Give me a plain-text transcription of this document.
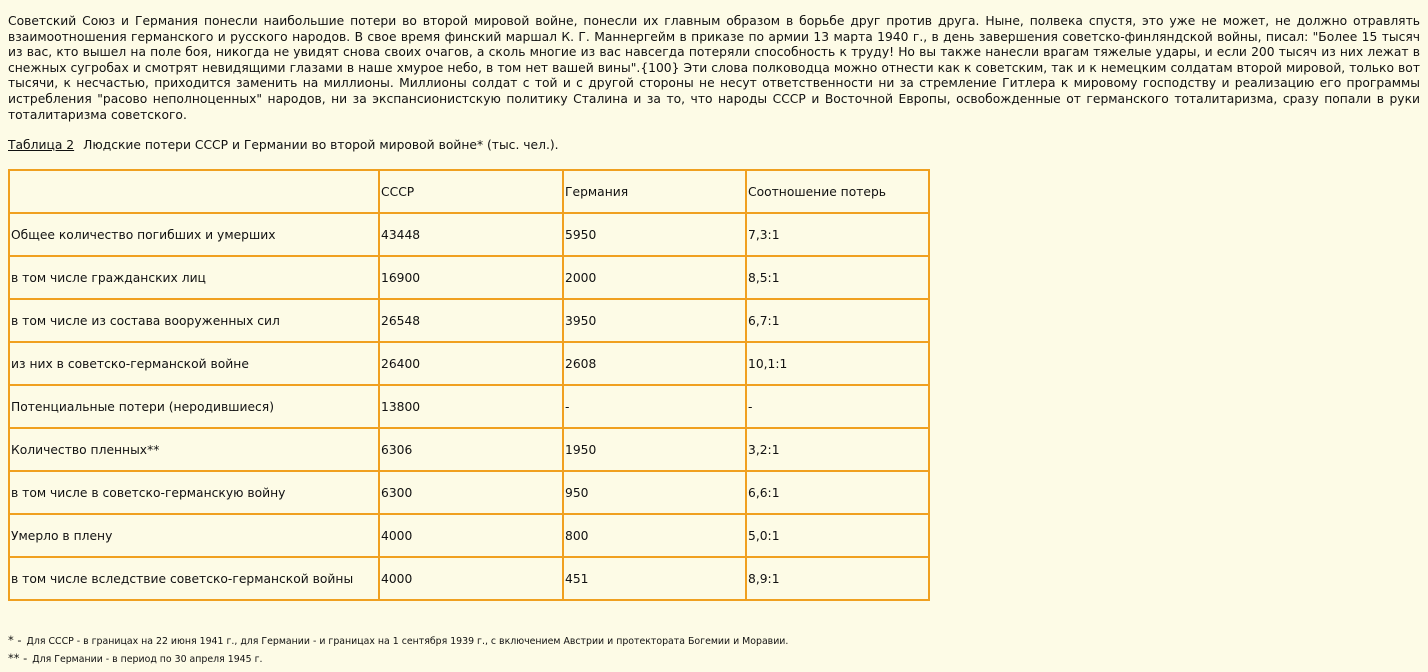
Советский Союз и Германия понесли наибольшие потери во второй мировой войне, понесли их главным образом в борьбе друг против друга. Ныне, полвека спустя, это уже не может, не должно отравлять взаимоотношения германского и русского народов. В свое время финский маршал К. Г. Маннергейм в приказе по армии 13 марта 1940 г., в день завершения советско-финляндской войны, писал: "Более 15 тысяч из вас, кто вышел на поле боя, никогда не увидят снова своих очагов, а сколь многие из вас навсегда потеряли способность к труду! Но вы также нанесли врагам тяжелые удары, и если 200 тысяч из них лежат в снежных сугробах и смотрят невидящими глазами в наше хмурое небо, в том нет вашей вины".{100} Эти слова полководца можно отнести как к советским, так и к немецким солдатам второй мировой, только вот тысячи, к несчастью, приходится заменить на миллионы. Миллионы солдат с той и с другой стороны не несут ответственности ни за стремление Гитлера к мировому господству и реализацию его программы истребления "расово неполноценных" народов, ни за экспансионистскую политику Сталина и за то, что народы СССР и Восточной Европы, освобожденные от германского тоталитаризма, сразу попали в руки тоталитаризма советского.

Таблица 2 Людские потери СССР и Германии во второй мировой войне* (тыс. чел.).

	СССР	Германия	Соотношение потерь
Общее количество погибших и умерших	43448	5950	7,3:1
в том числе гражданских лиц	16900	2000	8,5:1
в том числе из состава вооруженных сил	26548	3950	6,7:1
из них в советско-германской войне	26400	2608	10,1:1
Потенциальные потери (неродившиеся)	13800	-	-
Количество пленных**	6306	1950	3,2:1
в том числе в советско-германскую войну	6300	950	6,6:1
Умерло в плену	4000	800	5,0:1
в том числе вследствие советско-германской войны	4000	451	8,9:1
* - Для СССР - в границах на 22 июня 1941 г., для Германии - и границах на 1 сентября 1939 г., с включением Австрии и протектората Богемии и Моравии.
** - Для Германии - в период по 30 апреля 1945 г.
